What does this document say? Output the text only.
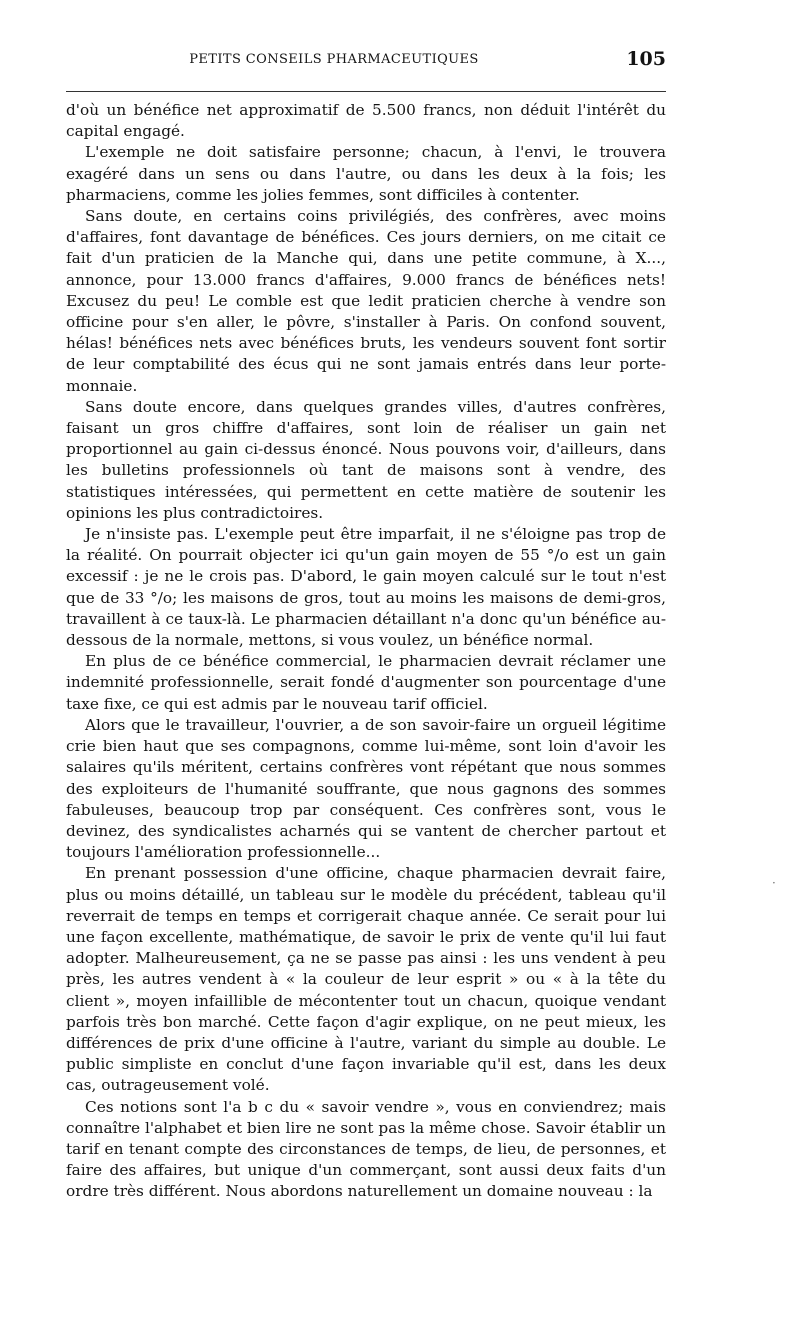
PETITS CONSEILS PHARMACEUTIQUES	105

d'où un bénéfice net approximatif de 5.500 francs, non déduit l'intérêt du capital engagé.

L'exemple ne doit satisfaire personne; chacun, à l'envi, le trouvera exagéré dans un sens ou dans l'autre, ou dans les deux à la fois; les pharmaciens, comme les jolies femmes, sont difficiles à contenter.

Sans doute, en certains coins privilégiés, des confrères, avec moins d'affaires, font davantage de bénéfices. Ces jours derniers, on me citait ce fait d'un praticien de la Manche qui, dans une petite commune, à X..., annonce, pour 13.000 francs d'affaires, 9.000 francs de bénéfices nets! Excusez du peu! Le comble est que ledit praticien cherche à vendre son officine pour s'en aller, le pôvre, s'installer à Paris. On confond souvent, hélas! bénéfices nets avec bénéfices bruts, les vendeurs souvent font sortir de leur comptabilité des écus qui ne sont jamais entrés dans leur porte-monnaie.

Sans doute encore, dans quelques grandes villes, d'autres confrères, faisant un gros chiffre d'affaires, sont loin de réaliser un gain net proportionnel au gain ci-dessus énoncé. Nous pouvons voir, d'ailleurs, dans les bulletins professionnels où tant de maisons sont à vendre, des statistiques intéressées, qui permettent en cette matière de soutenir les opinions les plus contradictoires.

Je n'insiste pas. L'exemple peut être imparfait, il ne s'éloigne pas trop de la réalité. On pourrait objecter ici qu'un gain moyen de 55 °/o est un gain excessif : je ne le crois pas. D'abord, le gain moyen calculé sur le tout n'est que de 33 °/o; les maisons de gros, tout au moins les maisons de demi-gros, travaillent à ce taux-là. Le pharmacien détaillant n'a donc qu'un bénéfice au-dessous de la normale, mettons, si vous voulez, un bénéfice normal.

En plus de ce bénéfice commercial, le pharmacien devrait réclamer une indemnité professionnelle, serait fondé d'augmenter son pourcentage d'une taxe fixe, ce qui est admis par le nouveau tarif officiel.

Alors que le travailleur, l'ouvrier, a de son savoir-faire un orgueil légitime crie bien haut que ses compagnons, comme lui-même, sont loin d'avoir les salaires qu'ils méritent, certains confrères vont répétant que nous sommes des exploiteurs de l'humanité souffrante, que nous gagnons des sommes fabuleuses, beaucoup trop par conséquent. Ces confrères sont, vous le devinez, des syndicalistes acharnés qui se vantent de chercher partout et toujours l'amélioration professionnelle...

En prenant possession d'une officine, chaque pharmacien devrait faire, plus ou moins détaillé, un tableau sur le modèle du précédent, tableau qu'il reverrait de temps en temps et corrigerait chaque année. Ce serait pour lui une façon excellente, mathématique, de savoir le prix de vente qu'il lui faut adopter. Malheureusement, ça ne se passe pas ainsi : les uns vendent à peu près, les autres vendent à « la couleur de leur esprit » ou « à la tête du client », moyen infaillible de mécontenter tout un chacun, quoique vendant parfois très bon marché. Cette façon d'agir explique, on ne peut mieux, les différences de prix d'une officine à l'autre, variant du simple au double. Le public simpliste en conclut d'une façon invariable qu'il est, dans les deux cas, outrageusement volé.

Ces notions sont l'a b c du « savoir vendre », vous en conviendrez; mais connaître l'alphabet et bien lire ne sont pas la même chose. Savoir établir un tarif en tenant compte des circonstances de temps, de lieu, de personnes, et faire des affaires, but unique d'un commerçant, sont aussi deux faits d'un ordre très différent. Nous abordons naturellement un domaine nouveau : la

·
